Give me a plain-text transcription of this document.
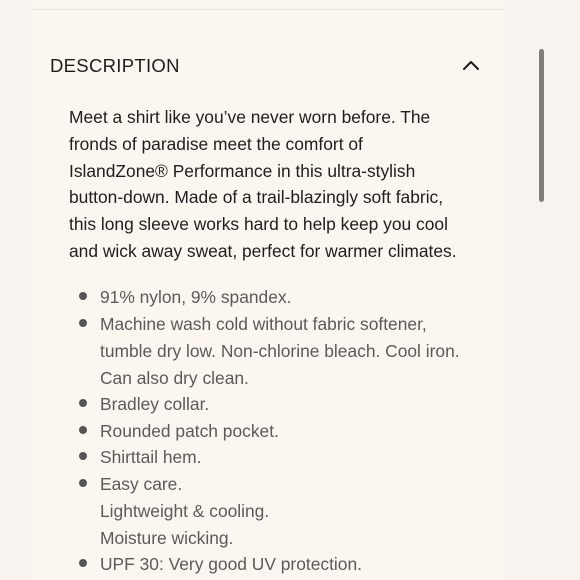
DESCRIPTION
Meet a shirt like you’ve never worn before. The
fronds of paradise meet the comfort of
IslandZone® Performance in this ultra-stylish
button-down. Made of a trail-blazingly soft fabric,
this long sleeve works hard to help keep you cool
and wick away sweat, perfect for warmer climates.
91% nylon, 9% spandex.
Machine wash cold without fabric softener,
tumble dry low. Non-chlorine bleach. Cool iron.
Can also dry clean.
Bradley collar.
Rounded patch pocket.
Shirttail hem.
Easy care.
Lightweight & cooling.
Moisture wicking.
UPF 30: Very good UV protection.
